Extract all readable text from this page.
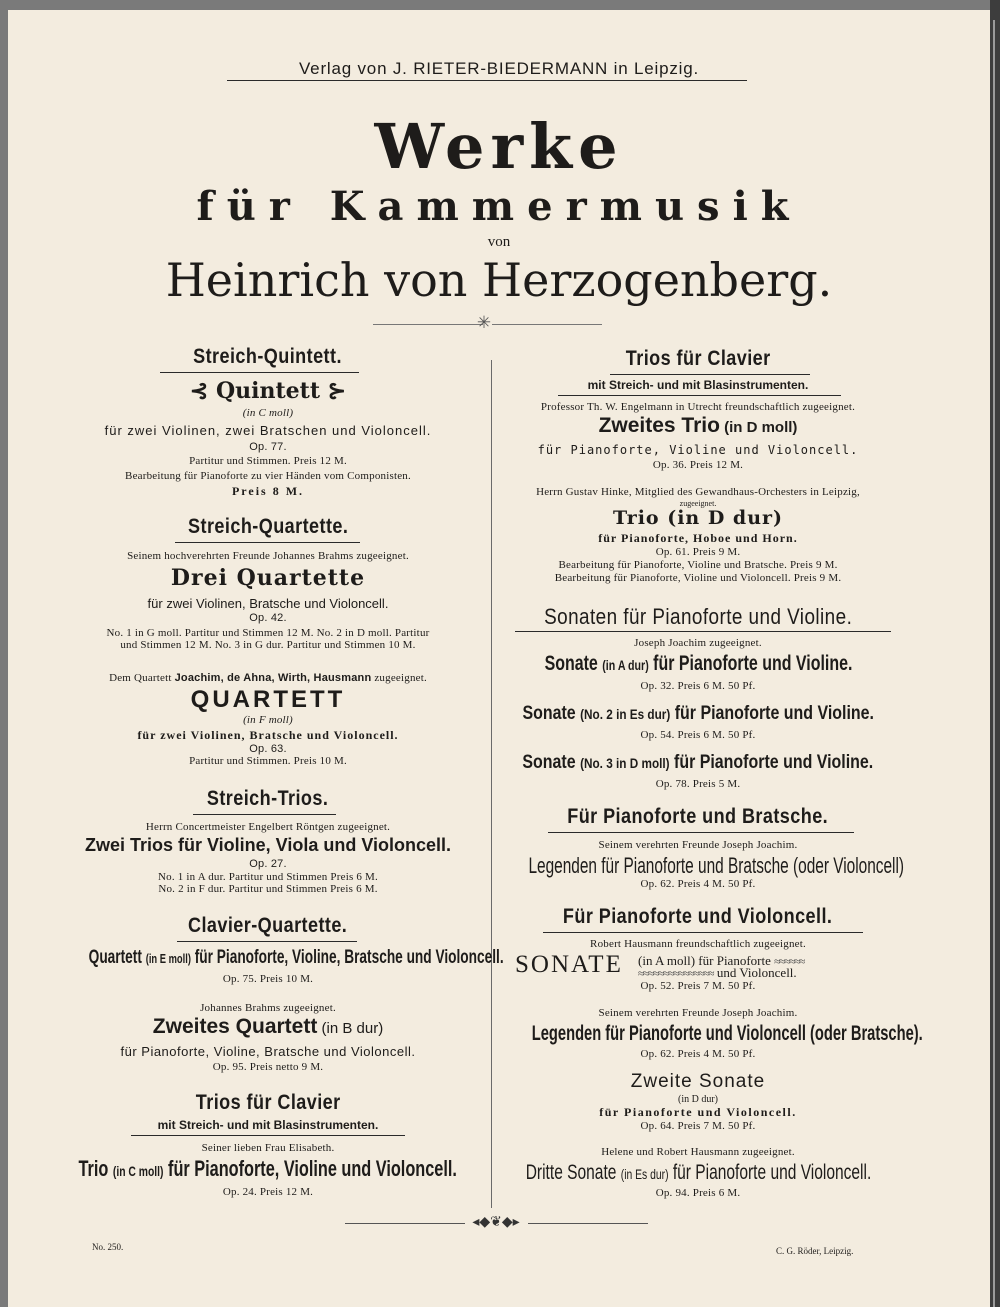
Verlag von J. RIETER-BIEDERMANN in Leipzig.
Werke
für Kammermusik
von
Heinrich von Herzogenberg.
✳
Streich-Quintett.
⊰ Quintett ⊱
(in C moll)
für zwei Violinen, zwei Bratschen und Violoncell.
Op. 77.
Partitur und Stimmen. Preis 12 M.
Bearbeitung für Pianoforte zu vier Händen vom Componisten.
Preis 8 M.
Streich-Quartette.
Seinem hochverehrten Freunde Johannes Brahms zugeeignet.
Drei Quartette
für zwei Violinen, Bratsche und Violoncell.
Op. 42.
No. 1 in G moll. Partitur und Stimmen 12 M. No. 2 in D moll. Partitur
und Stimmen 12 M. No. 3 in G dur. Partitur und Stimmen 10 M.
Dem Quartett Joachim, de Ahna, Wirth, Hausmann zugeeignet.
QUARTETT
(in F moll)
für zwei Violinen, Bratsche und Violoncell.
Op. 63.
Partitur und Stimmen. Preis 10 M.
Streich-Trios.
Herrn Concertmeister Engelbert Röntgen zugeeignet.
Zwei Trios für Violine, Viola und Violoncell.
Op. 27.
No. 1 in A dur. Partitur und Stimmen Preis 6 M.
No. 2 in F dur. Partitur und Stimmen Preis 6 M.
Clavier-Quartette.
Quartett (in E moll) für Pianoforte, Violine, Bratsche und Violoncell.
Op. 75. Preis 10 M.
Johannes Brahms zugeeignet.
Zweites Quartett (in B dur)
für Pianoforte, Violine, Bratsche und Violoncell.
Op. 95. Preis netto 9 M.
Trios für Clavier
mit Streich- und mit Blasinstrumenten.
Seiner lieben Frau Elisabeth.
Trio (in C moll) für Pianoforte, Violine und Violoncell.
Op. 24. Preis 12 M.
Trios für Clavier
mit Streich- und mit Blasinstrumenten.
Professor Th. W. Engelmann in Utrecht freundschaftlich zugeeignet.
Zweites Trio (in D moll)
für Pianoforte, Violine und Violoncell.
Op. 36. Preis 12 M.
Herrn Gustav Hinke, Mitglied des Gewandhaus-Orchesters in Leipzig,
zugeeignet.
Trio (in D dur)
für Pianoforte, Hoboe und Horn.
Op. 61. Preis 9 M.
Bearbeitung für Pianoforte, Violine und Bratsche. Preis 9 M.
Bearbeitung für Pianoforte, Violine und Violoncell. Preis 9 M.
Sonaten für Pianoforte und Violine.
Joseph Joachim zugeeignet.
Sonate (in A dur) für Pianoforte und Violine.
Op. 32. Preis 6 M. 50 Pf.
Sonate (No. 2 in Es dur) für Pianoforte und Violine.
Op. 54. Preis 6 M. 50 Pf.
Sonate (No. 3 in D moll) für Pianoforte und Violine.
Op. 78. Preis 5 M.
Für Pianoforte und Bratsche.
Seinem verehrten Freunde Joseph Joachim.
Legenden für Pianoforte und Bratsche (oder Violoncell)
Op. 62. Preis 4 M. 50 Pf.
Für Pianoforte und Violoncell.
Robert Hausmann freundschaftlich zugeeignet.
SONATE (in A moll) für Pianoforte ≈≈≈≈≈≈
≈≈≈≈≈≈≈≈≈≈≈≈≈≈≈ und Violoncell.
Op. 52. Preis 7 M. 50 Pf.
Seinem verehrten Freunde Joseph Joachim.
Legenden für Pianoforte und Violoncell (oder Bratsche).
Op. 62. Preis 4 M. 50 Pf.
Zweite Sonate
(in D dur)
für Pianoforte und Violoncell.
Op. 64. Preis 7 M. 50 Pf.
Helene und Robert Hausmann zugeeignet.
Dritte Sonate (in Es dur) für Pianoforte und Violoncell.
Op. 94. Preis 6 M.
◂◆❦◆▸
No. 250.	C. G. Röder, Leipzig.
